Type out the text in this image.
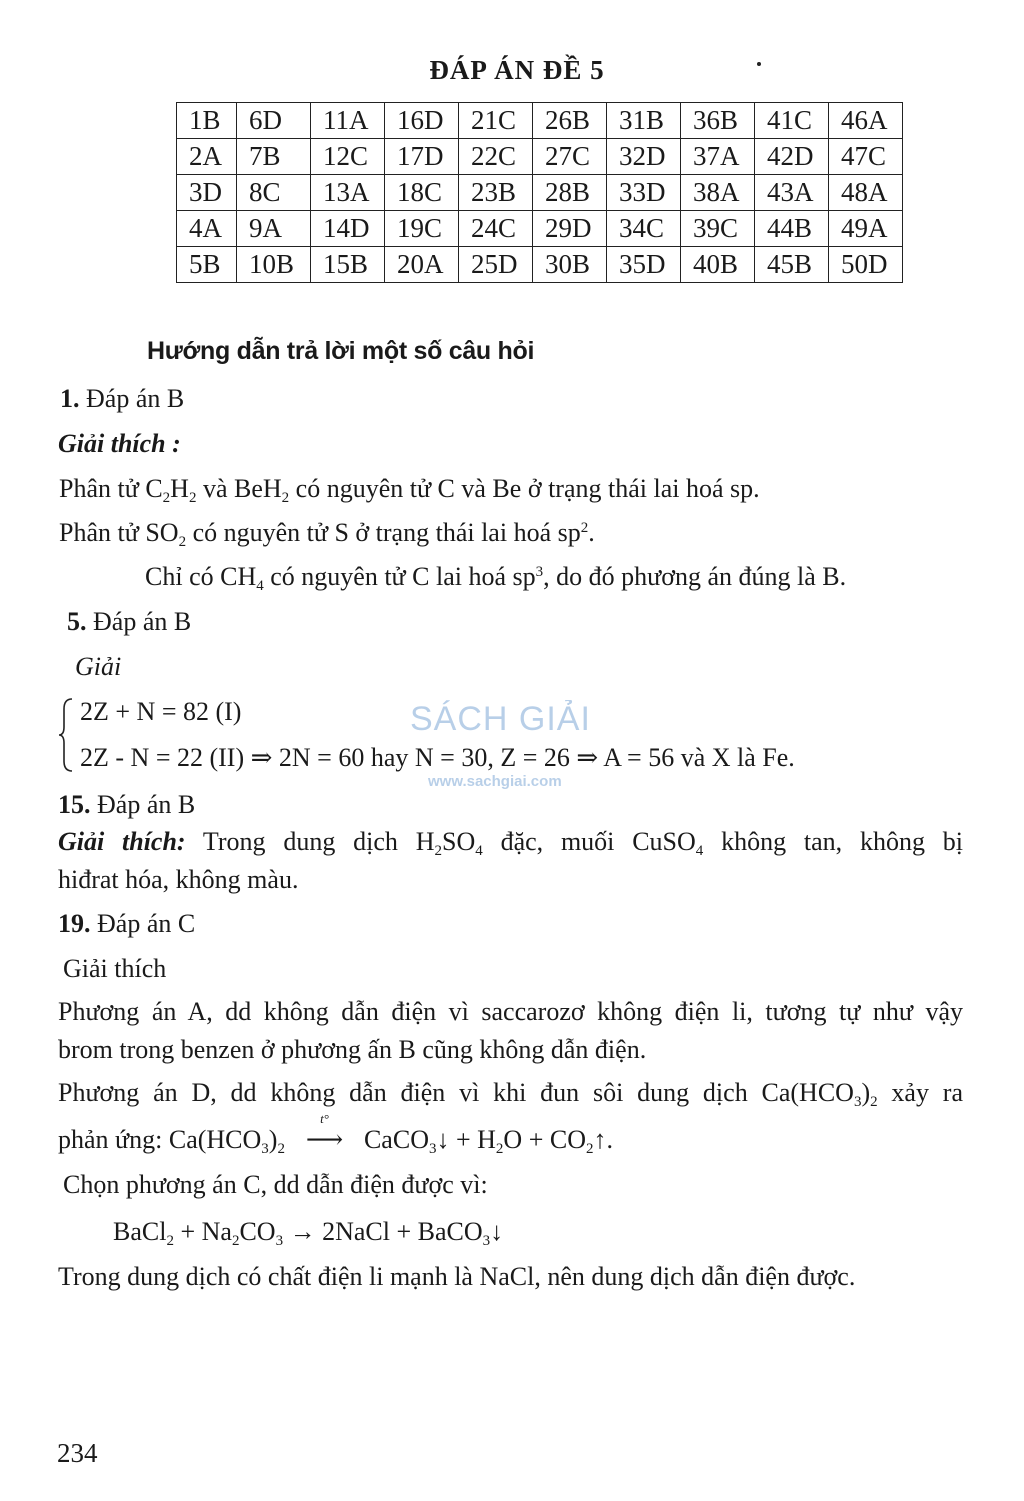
ĐÁP ÁN ĐỀ 5
1B	6D	11A	16D	21C	26B	31B	36B	41C	46A
2A	7B	12C	17D	22C	27C	32D	37A	42D	47C
3D	8C	13A	18C	23B	28B	33D	38A	43A	48A
4A	9A	14D	19C	24C	29D	34C	39C	44B	49A
5B	10B	15B	20A	25D	30B	35D	40B	45B	50D
Hướng dẫn trả lời một số câu hỏi
1. Đáp án B
Giải thích :
Phân tử $C_2H_2$ và BeH$_2$ có nguyên tử C và Be ở trạng thái lai hoá sp.
Phân tử $SO_2$ có nguyên tử S ở trạng thái lai hoá $sp^2$.
Chỉ có $CH_4$ có nguyên tử C lai hoá $sp^3$, do đó phương án đúng là B.
5. Đáp án B
Giải
2Z + N = 82 (I)
2Z - N = 22 (II) ⇒ 2N = 60 hay N = 30, Z = 26 ⇒ A = 56 và X là Fe.
SÁCH GIẢI
www.sachgiai.com
15. Đáp án B
Giải thích: Trong dung dịch $H_2SO_4$ đặc, muối CuSO$_4$ không tan, không bị
hiđrat hóa, không màu.
19. Đáp án C
Giải thích
Phương án A, dd không dẫn điện vì saccarozơ không điện li, tương tự như vậy
brom trong benzen ở phương ấn B cũng không dẫn điện.
Phương án D, dd không dẫn điện vì khi đun sôi dung dịch $Ca(HCO_3)_2$ xảy ra
phản ứng: $Ca(HCO_3)_2$
t°
⟶ CaCO$_3$↓ + $H_2O$ + $CO_2↑$.
Chọn phương án C, dd dẫn điện được vì:
BaCl$_2$ + $Na_2CO_3$ → 2NaCl + BaCO$_3$↓
Trong dung dịch có chất điện li mạnh là NaCl, nên dung dịch dẫn điện được.
234
